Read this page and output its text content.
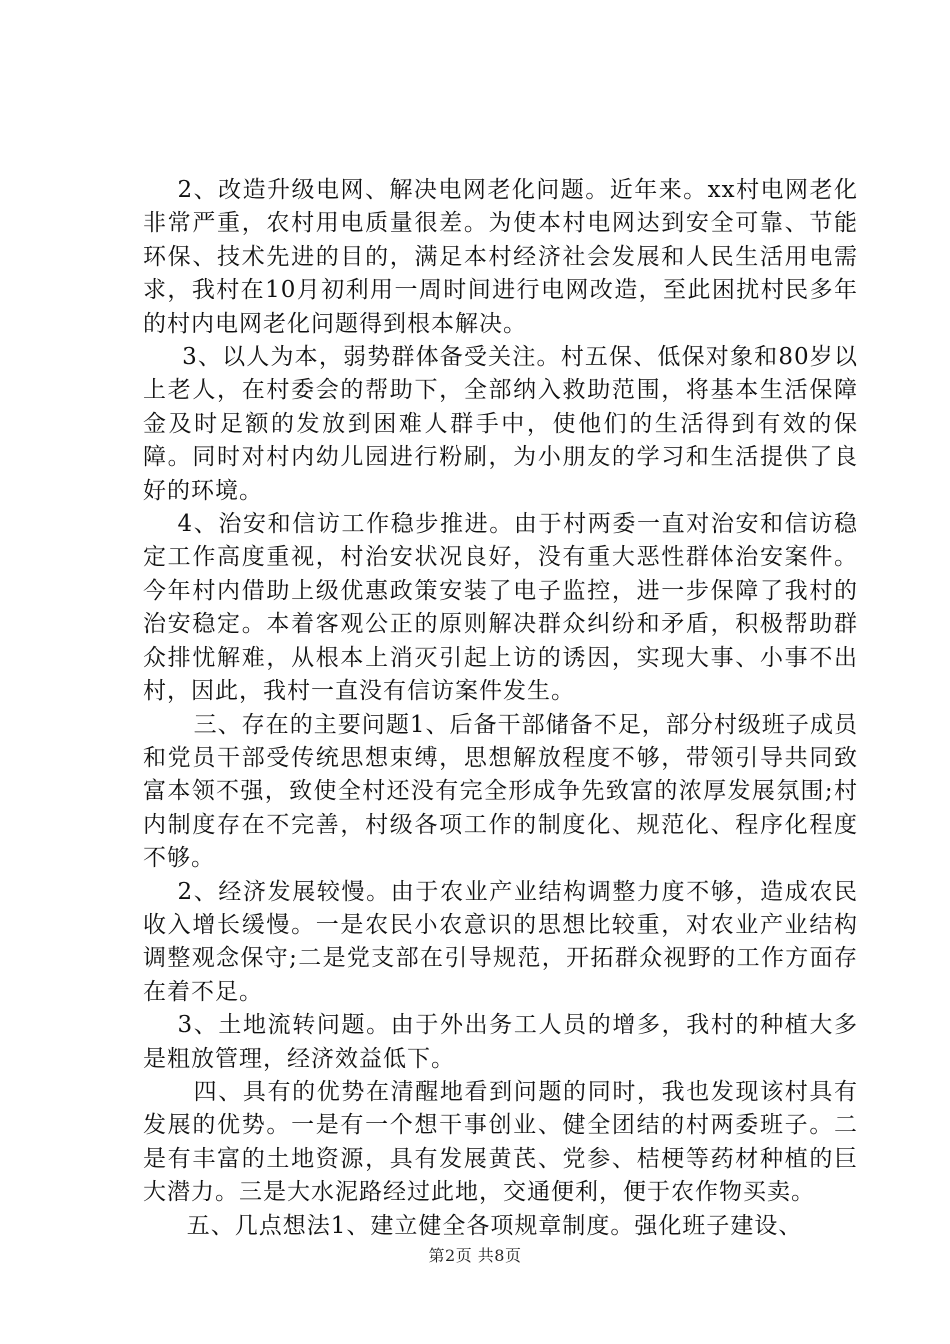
2、改造升级电网、解决电网老化问题。近年来。xx村电网老化非常严重，农村用电质量很差。为使本村电网达到安全可靠、节能环保、技术先进的目的，满足本村经济社会发展和人民生活用电需求，我村在10月初利用一周时间进行电网改造，至此困扰村民多年的村内电网老化问题得到根本解决。

3、以人为本，弱势群体备受关注。村五保、低保对象和80岁以上老人，在村委会的帮助下，全部纳入救助范围，将基本生活保障金及时足额的发放到困难人群手中，使他们的生活得到有效的保障。同时对村内幼儿园进行粉刷，为小朋友的学习和生活提供了良好的环境。

4、治安和信访工作稳步推进。由于村两委一直对治安和信访稳定工作高度重视，村治安状况良好，没有重大恶性群体治安案件。今年村内借助上级优惠政策安装了电子监控，进一步保障了我村的治安稳定。本着客观公正的原则解决群众纠纷和矛盾，积极帮助群众排忧解难，从根本上消灭引起上访的诱因，实现大事、小事不出村，因此，我村一直没有信访案件发生。

三、存在的主要问题1、后备干部储备不足，部分村级班子成员和党员干部受传统思想束缚，思想解放程度不够，带领引导共同致富本领不强，致使全村还没有完全形成争先致富的浓厚发展氛围;村内制度存在不完善，村级各项工作的制度化、规范化、程序化程度不够。

2、经济发展较慢。由于农业产业结构调整力度不够，造成农民收入增长缓慢。一是农民小农意识的思想比较重，对农业产业结构调整观念保守;二是党支部在引导规范，开拓群众视野的工作方面存在着不足。

3、土地流转问题。由于外出务工人员的增多，我村的种植大多是粗放管理，经济效益低下。

四、具有的优势在清醒地看到问题的同时，我也发现该村具有发展的优势。一是有一个想干事创业、健全团结的村两委班子。二是有丰富的土地资源，具有发展黄芪、党参、桔梗等药材种植的巨大潜力。三是大水泥路经过此地，交通便利，便于农作物买卖。

五、几点想法1、建立健全各项规章制度。强化班子建设、

第2页 共8页
